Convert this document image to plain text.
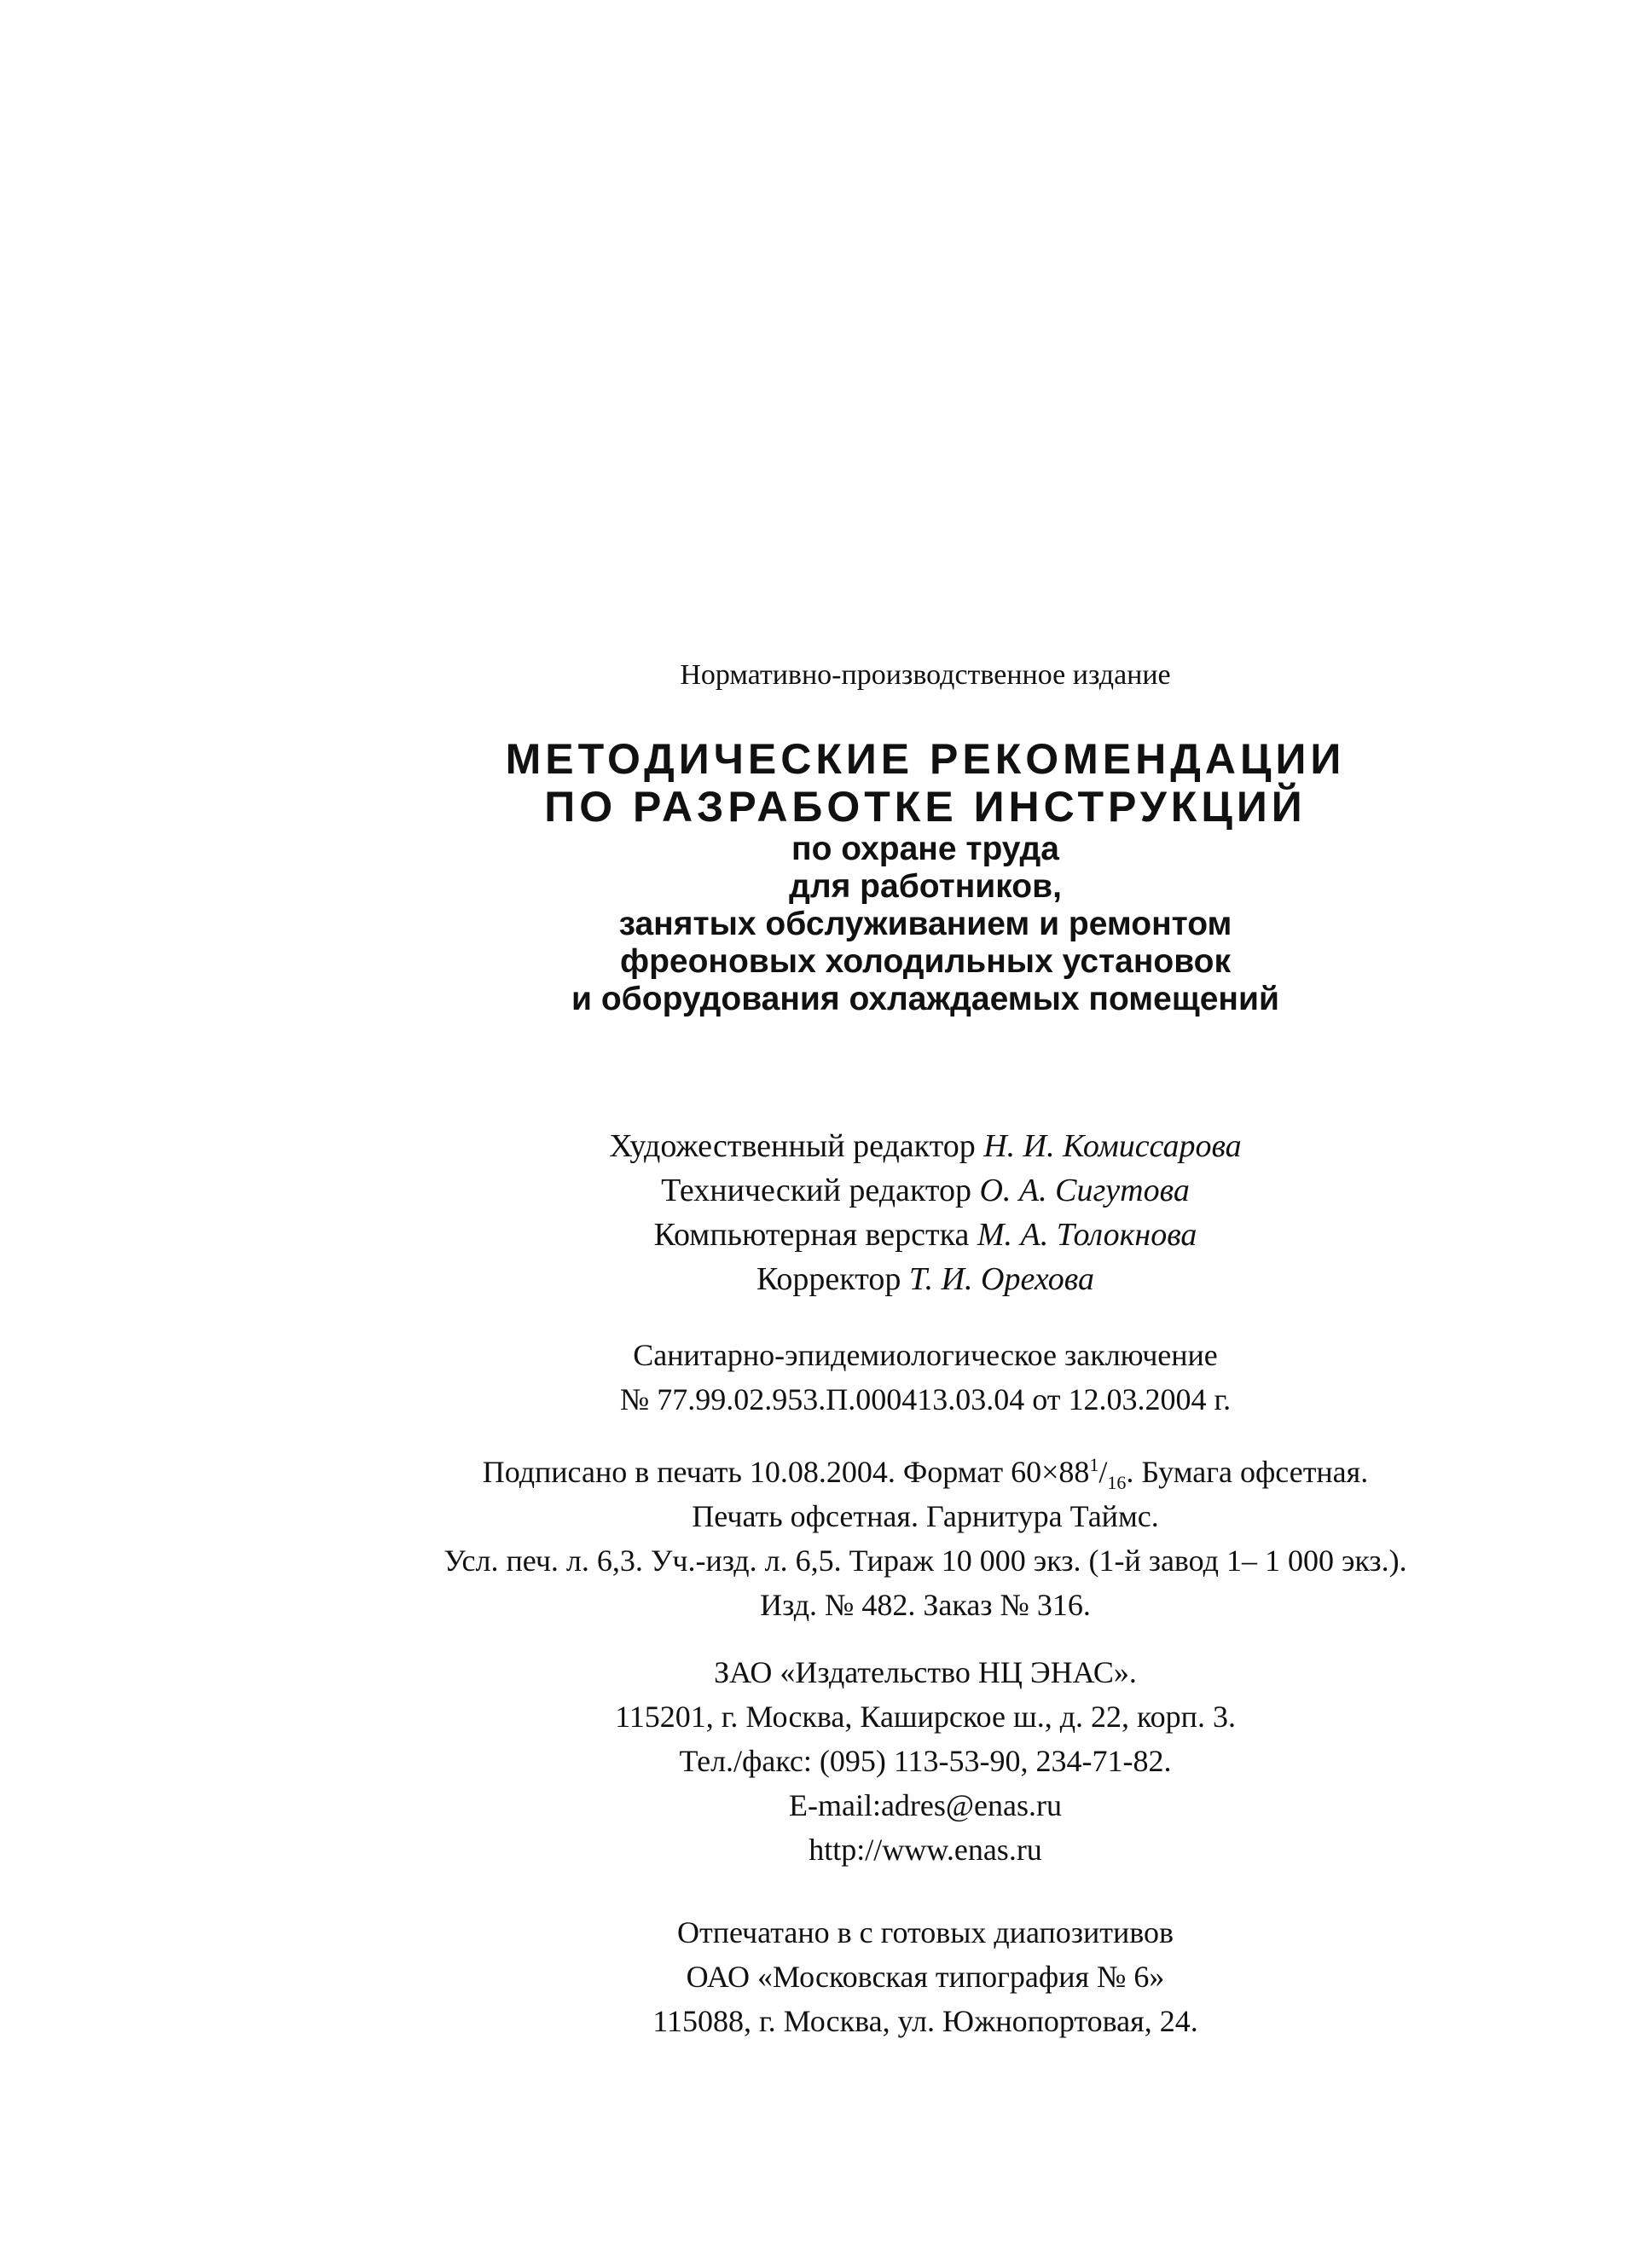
Нормативно-производственное издание
МЕТОДИЧЕСКИЕ РЕКОМЕНДАЦИИ
ПО РАЗРАБОТКЕ ИНСТРУКЦИЙ
по охране труда
для работников,
занятых обслуживанием и ремонтом
фреоновых холодильных установок
и оборудования охлаждаемых помещений
Художественный редактор Н. И. Комиссарова
Технический редактор О. А. Сигутова
Компьютерная верстка М. А. Толокнова
Корректор Т. И. Орехова
Санитарно-эпидемиологическое заключение
№ 77.99.02.953.П.000413.03.04 от 12.03.2004 г.
Подписано в печать 10.08.2004. Формат $60\times 88^1/_{16}$. Бумага офсетная.
Печать офсетная. Гарнитура Таймс.
Усл. печ. л. 6,3. Уч.-изд. л. 6,5. Тираж 10 000 экз. (1-й завод 1– 1 000 экз.).
Изд. № 482. Заказ № 316.
ЗАО «Издательство НЦ ЭНАС».
115201, г. Москва, Каширское ш., д. 22, корп. 3.
Тел./факс: (095) 113-53-90, 234-71-82.
E-mail:adres@enas.ru
http://www.enas.ru
Отпечатано в с готовых диапозитивов
ОАО «Московская типография № 6»
115088, г. Москва, ул. Южнопортовая, 24.
